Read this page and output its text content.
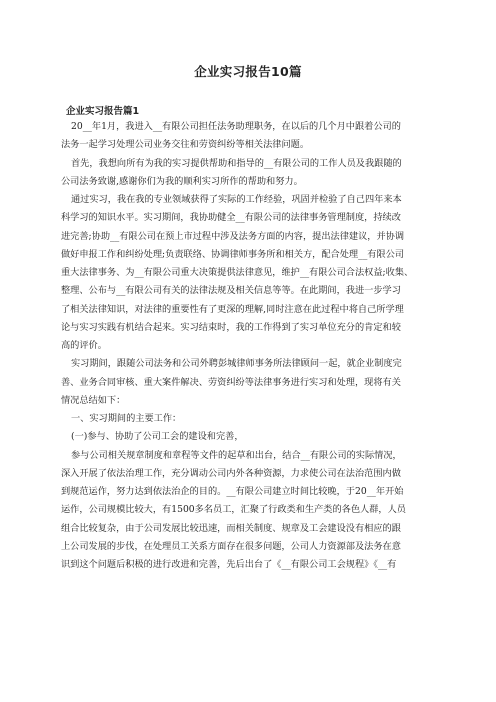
企业实习报告10篇
企业实习报告篇1
20__年1月，我进入__有限公司担任法务助理职务，在以后的几个月中跟着公司的
法务一起学习处理公司业务交往和劳资纠纷等相关法律问题。
首先，我想向所有为我的实习提供帮助和指导的__有限公司的工作人员及我跟随的
公司法务致谢,感谢你们为我的顺利实习所作的帮助和努力。
通过实习，我在我的专业领域获得了实际的工作经验，巩固并检验了自己四年来本
科学习的知识水平。实习期间，我协助健全__有限公司的法律事务管理制度，持续改
进完善;协助__有限公司在预上市过程中涉及法务方面的内容，提出法律建议，并协调
做好申报工作和纠纷处理;负责联络、协调律师事务所和相关方，配合处理__有限公司
重大法律事务、为__有限公司重大决策提供法律意见，维护__有限公司合法权益;收集、
整理、公布与__有限公司有关的法律法规及相关信息等等。在此期间，我进一步学习
了相关法律知识，对法律的重要性有了更深的理解,同时注意在此过程中将自己所学理
论与实习实践有机结合起来。实习结束时，我的工作得到了实习单位充分的肯定和较
高的评价。
实习期间，跟随公司法务和公司外聘彭城律师事务所法律顾问一起，就企业制度完
善、业务合同审核、重大案件解决、劳资纠纷等法律事务进行实习和处理，现将有关
情况总结如下：
一、实习期间的主要工作：
(一)参与、协助了公司工会的建设和完善，
参与公司相关规章制度和章程等文件的起草和出台，结合__有限公司的实际情况，
深入开展了依法治理工作，充分调动公司内外各种资源，力求使公司在法治范围内做
到规范运作，努力达到依法治企的目的。__有限公司建立时间比较晚，于20__年开始
运作，公司规模比较大，有1500多名员工，汇聚了行政类和生产类的各色人群，人员
组合比较复杂，由于公司发展比较迅速，而相关制度、规章及工会建设没有相应的跟
上公司发展的步伐，在处理员工关系方面存在很多问题，公司人力资源部及法务在意
识到这个问题后积极的进行改进和完善，先后出台了《__有限公司工会规程》《__有
